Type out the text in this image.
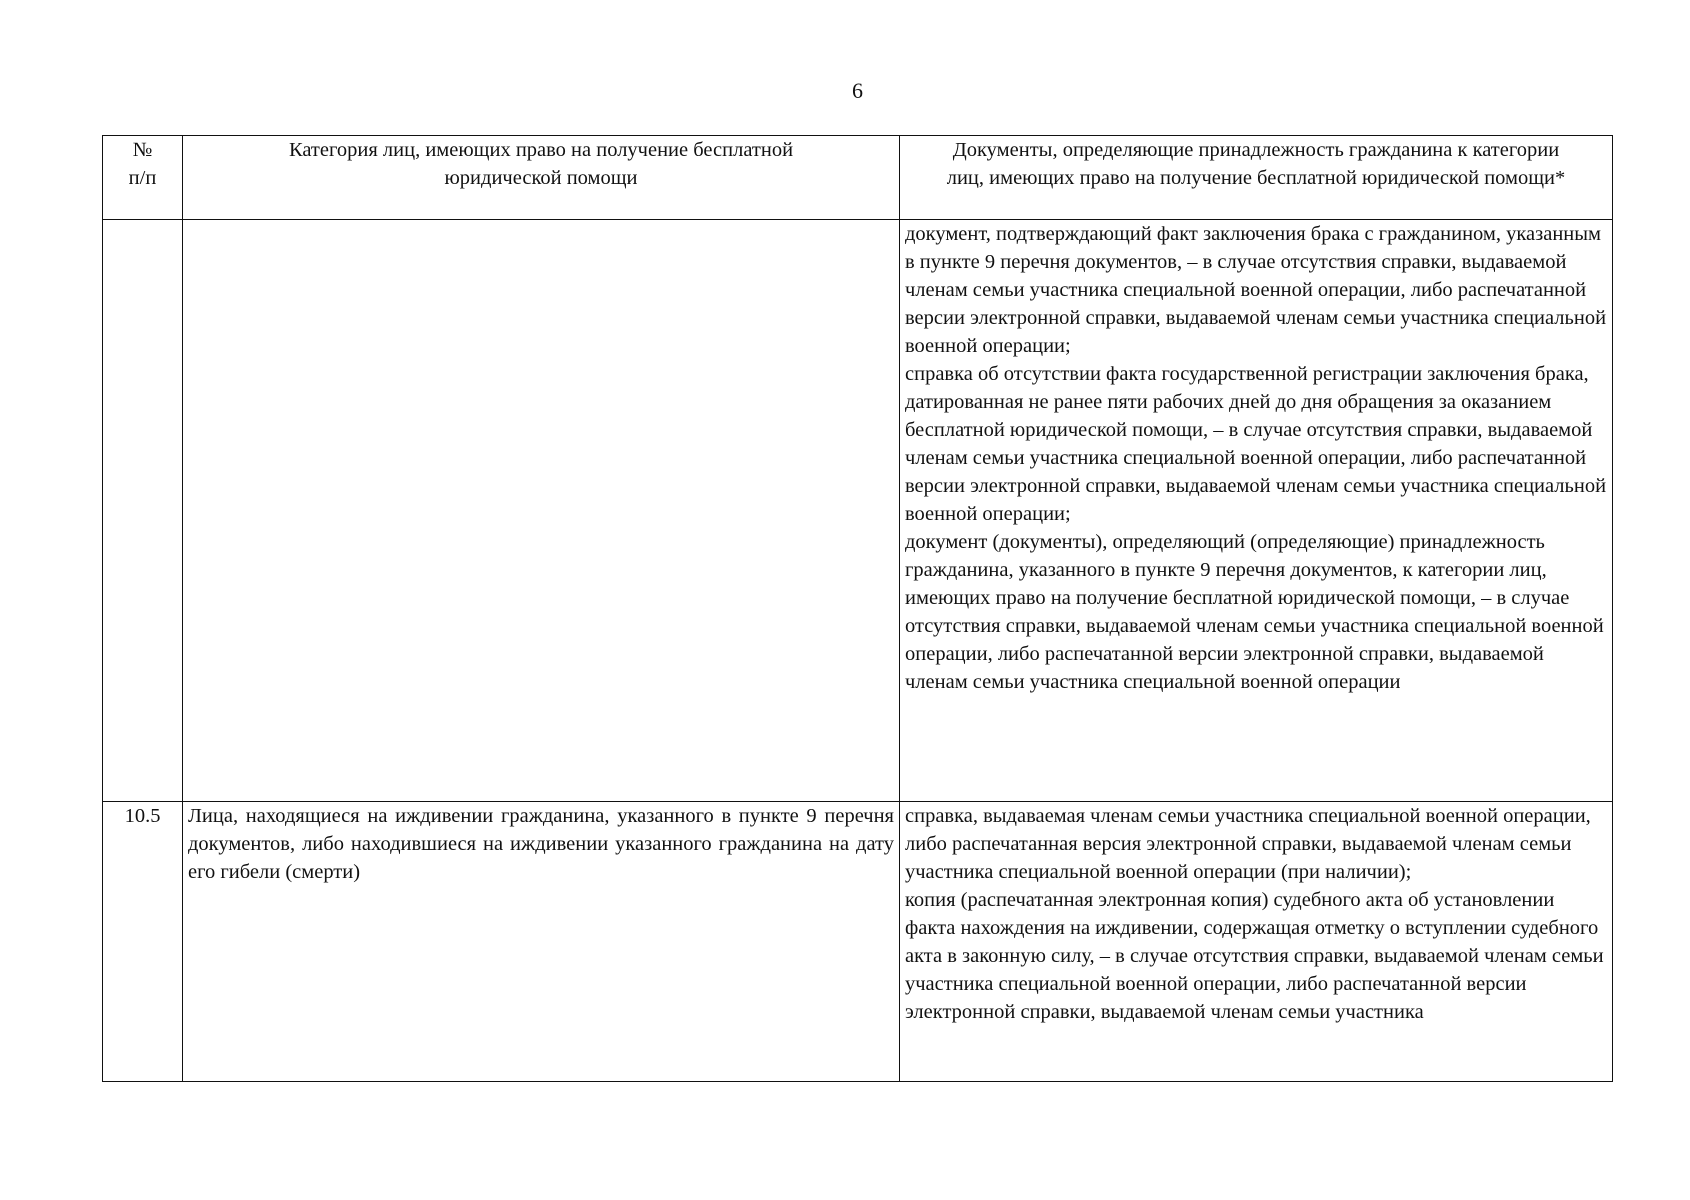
6
№
п/п	Категория лиц, имеющих право на получение бесплатной юридической помощи	Документы, определяющие принадлежность гражданина к категории лиц, имеющих право на получение бесплатной юридической помощи*

		документ, подтверждающий факт заключения брака с гражданином, указанным в пункте 9 перечня документов, – в случае отсутствия справки, выдаваемой членам семьи участника специальной военной операции, либо распечатанной версии электронной справки, выдаваемой членам семьи участника специальной военной операции;

справка об отсутствии факта государственной регистрации заключения брака, датированная не ранее пяти рабочих дней до дня обращения за оказанием бесплатной юридической помощи, – в случае отсутствия справки, выдаваемой членам семьи участника специальной военной операции, либо распечатанной версии электронной справки, выдаваемой членам семьи участника специальной военной операции;

документ (документы), определяющий (определяющие) принадлежность гражданина, указанного в пункте 9 перечня документов, к категории лиц, имеющих право на получение бесплатной юридической помощи, – в случае отсутствия справки, выдаваемой членам семьи участника специальной военной операции, либо распечатанной версии электронной справки, выдаваемой членам семьи участника специальной военной операции

10.5	Лица, находящиеся на иждивении гражданина, указанного в пункте 9 перечня документов, либо находившиеся на иждивении указанного гражданина на дату его гибели (смерти)	справка, выдаваемая членам семьи участника специальной военной операции, либо распечатанная версия электронной справки, выдаваемой членам семьи участника специальной военной операции (при наличии);

копия (распечатанная электронная копия) судебного акта об установлении факта нахождения на иждивении, содержащая отметку о вступлении судебного акта в законную силу, – в случае отсутствия справки, выдаваемой членам семьи участника специальной военной операции, либо распечатанной версии электронной справки, выдаваемой членам семьи участника
